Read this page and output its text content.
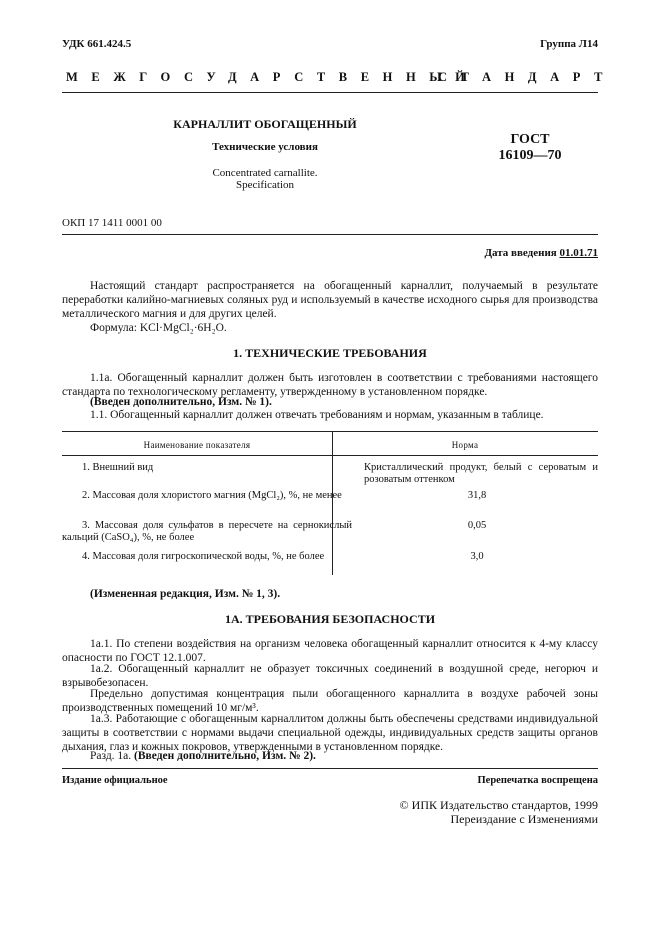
УДК 661.424.5	Группа Л14
МЕЖГОСУДАРСТВЕННЫЙ
СТАНДАРТ
КАРНАЛЛИТ ОБОГАЩЕННЫЙ
Технические условия
Concentrated carnallite.
Specification
ГОСТ
16109—70
ОКП 17 1411 0001 00
Дата введения 01.01.71
Настоящий стандарт распространяется на обогащенный карналлит, получаемый в результате переработки калийно-магниевых соляных руд и используемый в качестве исходного сырья для производства металлического магния и для других целей.
Формула: KCl·MgCl₂·6H₂O.
1. ТЕХНИЧЕСКИЕ ТРЕБОВАНИЯ
1.1а. Обогащенный карналлит должен быть изготовлен в соответствии с требованиями настоящего стандарта по технологическому регламенту, утвержденному в установленном порядке.
(Введен дополнительно, Изм. № 1).
1.1. Обогащенный карналлит должен отвечать требованиям и нормам, указанным в таблице.
Наименование показателя	Норма
1. Внешний вид	Кристаллический продукт, белый с сероватым и розоватым оттенком
2. Массовая доля хлористого магния (MgCl₂), %, не менее	31,8
3. Массовая доля сульфатов в пересчете на сернокислый кальций (CaSO₄), %, не более	0,05
4. Массовая доля гигроскопической воды, %, не более	3,0
(Измененная редакция, Изм. № 1, 3).
1А. ТРЕБОВАНИЯ БЕЗОПАСНОСТИ
1а.1. По степени воздействия на организм человека обогащенный карналлит относится к 4-му классу опасности по ГОСТ 12.1.007.
1а.2. Обогащенный карналлит не образует токсичных соединений в воздушной среде, негорюч и взрывобезопасен.
Предельно допустимая концентрация пыли обогащенного карналлита в воздухе рабочей зоны производственных помещений 10 мг/м³.
1а.3. Работающие с обогащенным карналлитом должны быть обеспечены средствами индивидуальной защиты в соответствии с нормами выдачи специальной одежды, индивидуальных средств защиты органов дыхания, глаз и кожных покровов, утвержденными в установленном порядке.
Разд. 1а. (Введен дополнительно, Изм. № 2).
Издание официальное	Перепечатка воспрещена
© ИПК Издательство стандартов, 1999
Переиздание с Изменениями
